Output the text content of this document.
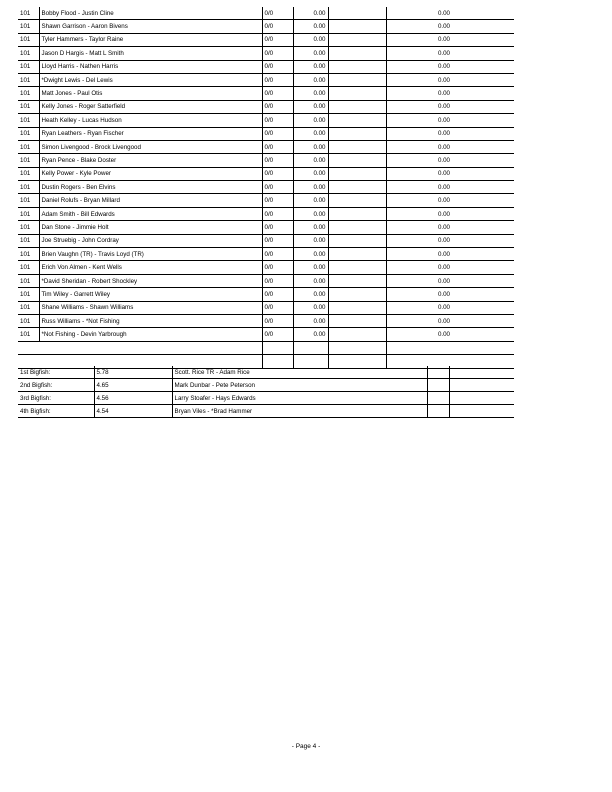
101	Bobby Flood - Justin Cline	0/0	0.00		0.00
101	Shawn Garrison - Aaron Bivens	0/0	0.00		0.00
101	Tyler Hammers - Taylor Raine	0/0	0.00		0.00
101	Jason D Hargis - Matt L Smith	0/0	0.00		0.00
101	Lloyd Harris - Nathen Harris	0/0	0.00		0.00
101	*Dwight Lewis - Del Lewis	0/0	0.00		0.00
101	Matt Jones - Paul Otis	0/0	0.00		0.00
101	Kelly Jones - Roger Satterfield	0/0	0.00		0.00
101	Heath Kelley - Lucas Hudson	0/0	0.00		0.00
101	Ryan Leathers - Ryan Fischer	0/0	0.00		0.00
101	Simon Livengood - Brock Livengood	0/0	0.00		0.00
101	Ryan Pence - Blake Doster	0/0	0.00		0.00
101	Kelly Power - Kyle Power	0/0	0.00		0.00
101	Dustin Rogers - Ben Elvins	0/0	0.00		0.00
101	Daniel Rolufs - Bryan Millard	0/0	0.00		0.00
101	Adam Smith - Bill Edwards	0/0	0.00		0.00
101	Dan Stone - Jimmie Holt	0/0	0.00		0.00
101	Joe Struebig - John Cordray	0/0	0.00		0.00
101	Brien Vaughn (TR) - Travis Loyd (TR)	0/0	0.00		0.00
101	Erich Von Almen - Kent Wells	0/0	0.00		0.00
101	*David Sheridan - Robert Shockley	0/0	0.00		0.00
101	Tim Wiley - Garrett Wiley	0/0	0.00		0.00
101	Shane Williams - Shawn Williams	0/0	0.00		0.00
101	Russ Williams - *Not Fishing	0/0	0.00		0.00
101	*Not Fishing - Devin Yarbrough	0/0	0.00		0.00

1st Bigfish:	5.78	Scott. Rice TR - Adam Rice		
2nd Bigfish:	4.65	Mark Dunbar - Pete Peterson		
3rd Bigfish:	4.56	Larry Stoafer - Hays Edwards		
4th Bigfish:	4.54	Bryan Viles - *Brad Hammer		
- Page 4 -
